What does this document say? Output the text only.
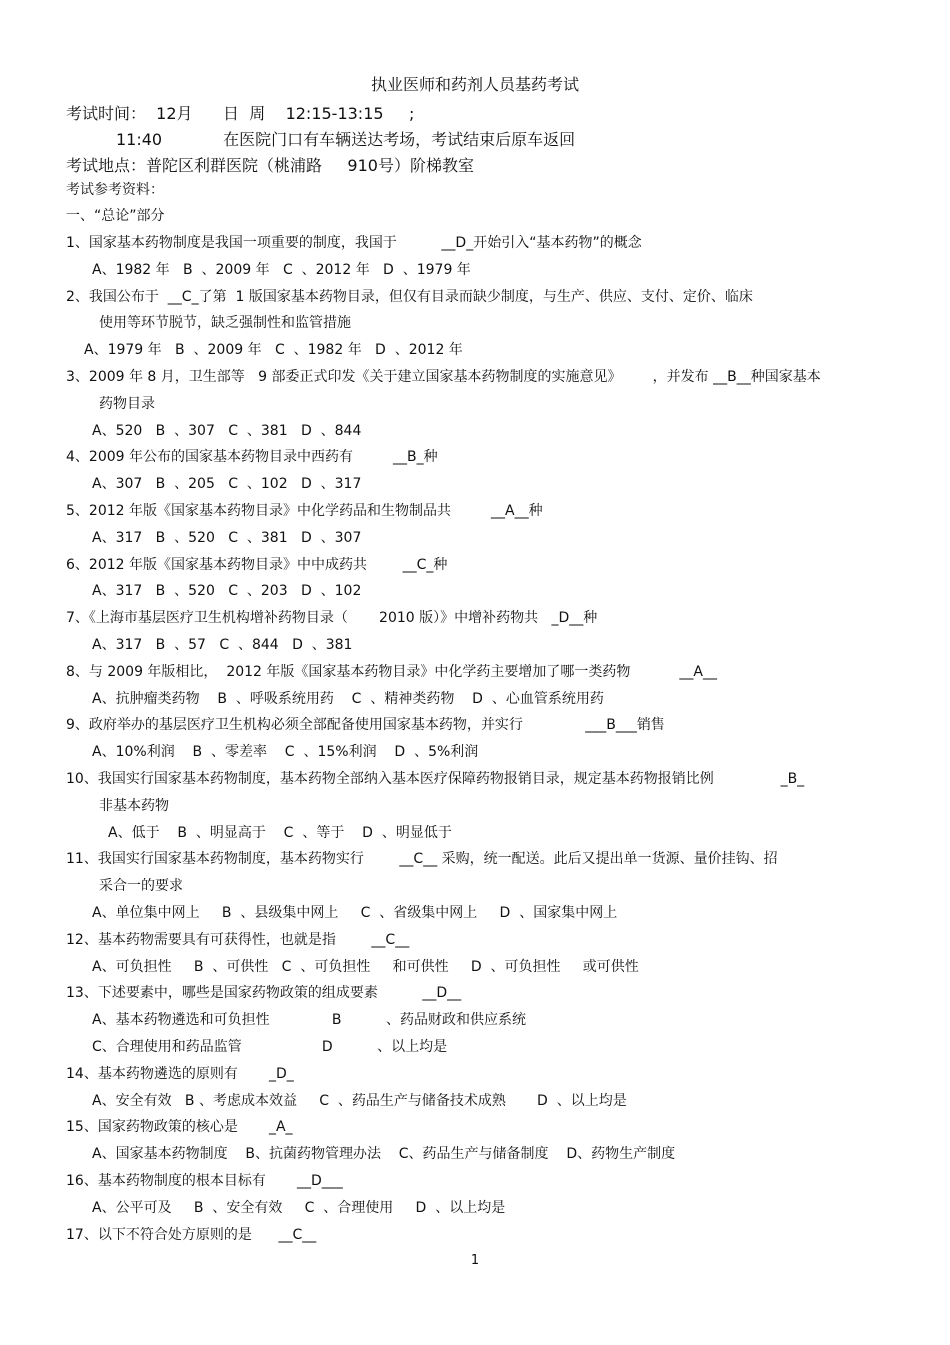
执业医师和药剂人员基药考试
考试时间：  12月      日  周    12:15-13:15     ;
11:40            在医院门口有车辆送达考场，考试结束后原车返回
考试地点：普陀区利群医院（桃浦路     910号）阶梯教室
考试参考资料：
一、“总论”部分
1、国家基本药物制度是我国一项重要的制度，我国于          __D_开始引入“基本药物”的概念
A、1982 年   B  、2009 年   C  、2012 年   D  、1979 年
2、我国公布于  __C_了第  1 版国家基本药物目录，但仅有目录而缺少制度，与生产、供应、支付、定价、临床
使用等环节脱节，缺乏强制性和监管措施
A、1979 年   B  、2009 年   C  、1982 年   D  、2012 年
3、2009 年 8 月，卫生部等   9 部委正式印发《关于建立国家基本药物制度的实施意见》       ，并发布 __B__种国家基本
药物目录
A、520   B  、307   C  、381   D  、844
4、2009 年公布的国家基本药物目录中西药有         __B_种
A、307   B  、205   C  、102   D  、317
5、2012 年版《国家基本药物目录》中化学药品和生物制品共         __A__种
A、317   B  、520   C  、381   D  、307
6、2012 年版《国家基本药物目录》中中成药共        __C_种
A、317   B  、520   C  、203   D  、102
7、《上海市基层医疗卫生机构增补药物目录（       2010 版）》中增补药物共   _D__种
A、317   B  、57   C  、844   D  、381
8、与 2009 年版相比，  2012 年版《国家基本药物目录》中化学药主要增加了哪一类药物           __A__
A、抗肿瘤类药物    B  、呼吸系统用药    C  、精神类药物    D  、心血管系统用药
9、政府举办的基层医疗卫生机构必须全部配备使用国家基本药物，并实行              ___B___销售
A、10%利润    B  、零差率    C  、15%利润    D  、5%利润
10、我国实行国家基本药物制度，基本药物全部纳入基本医疗保障药物报销目录，规定基本药物报销比例               _B_
非基本药物
A、低于    B  、明显高于    C  、等于    D  、明显低于
11、我国实行国家基本药物制度，基本药物实行        __C__ 采购，统一配送。此后又提出单一货源、量价挂钩、招
采合一的要求
A、单位集中网上     B  、县级集中网上     C  、省级集中网上     D  、国家集中网上
12、基本药物需要具有可获得性，也就是指        __C__
A、可负担性     B  、可供性   C  、可负担性     和可供性     D  、可负担性     或可供性
13、下述要素中，哪些是国家药物政策的组成要素          __D__
A、基本药物遴选和可负担性              B          、药品财政和供应系统
C、合理使用和药品监管                  D          、以上均是
14、基本药物遴选的原则有       _D_
A、安全有效   B 、考虑成本效益     C  、药品生产与储备技术成熟       D  、以上均是
15、国家药物政策的核心是       _A_
A、国家基本药物制度    B、抗菌药物管理办法    C、药品生产与储备制度    D、药物生产制度
16、基本药物制度的根本目标有       __D___
A、公平可及     B  、安全有效     C  、合理使用     D  、以上均是
17、以下不符合处方原则的是      __C__
1
